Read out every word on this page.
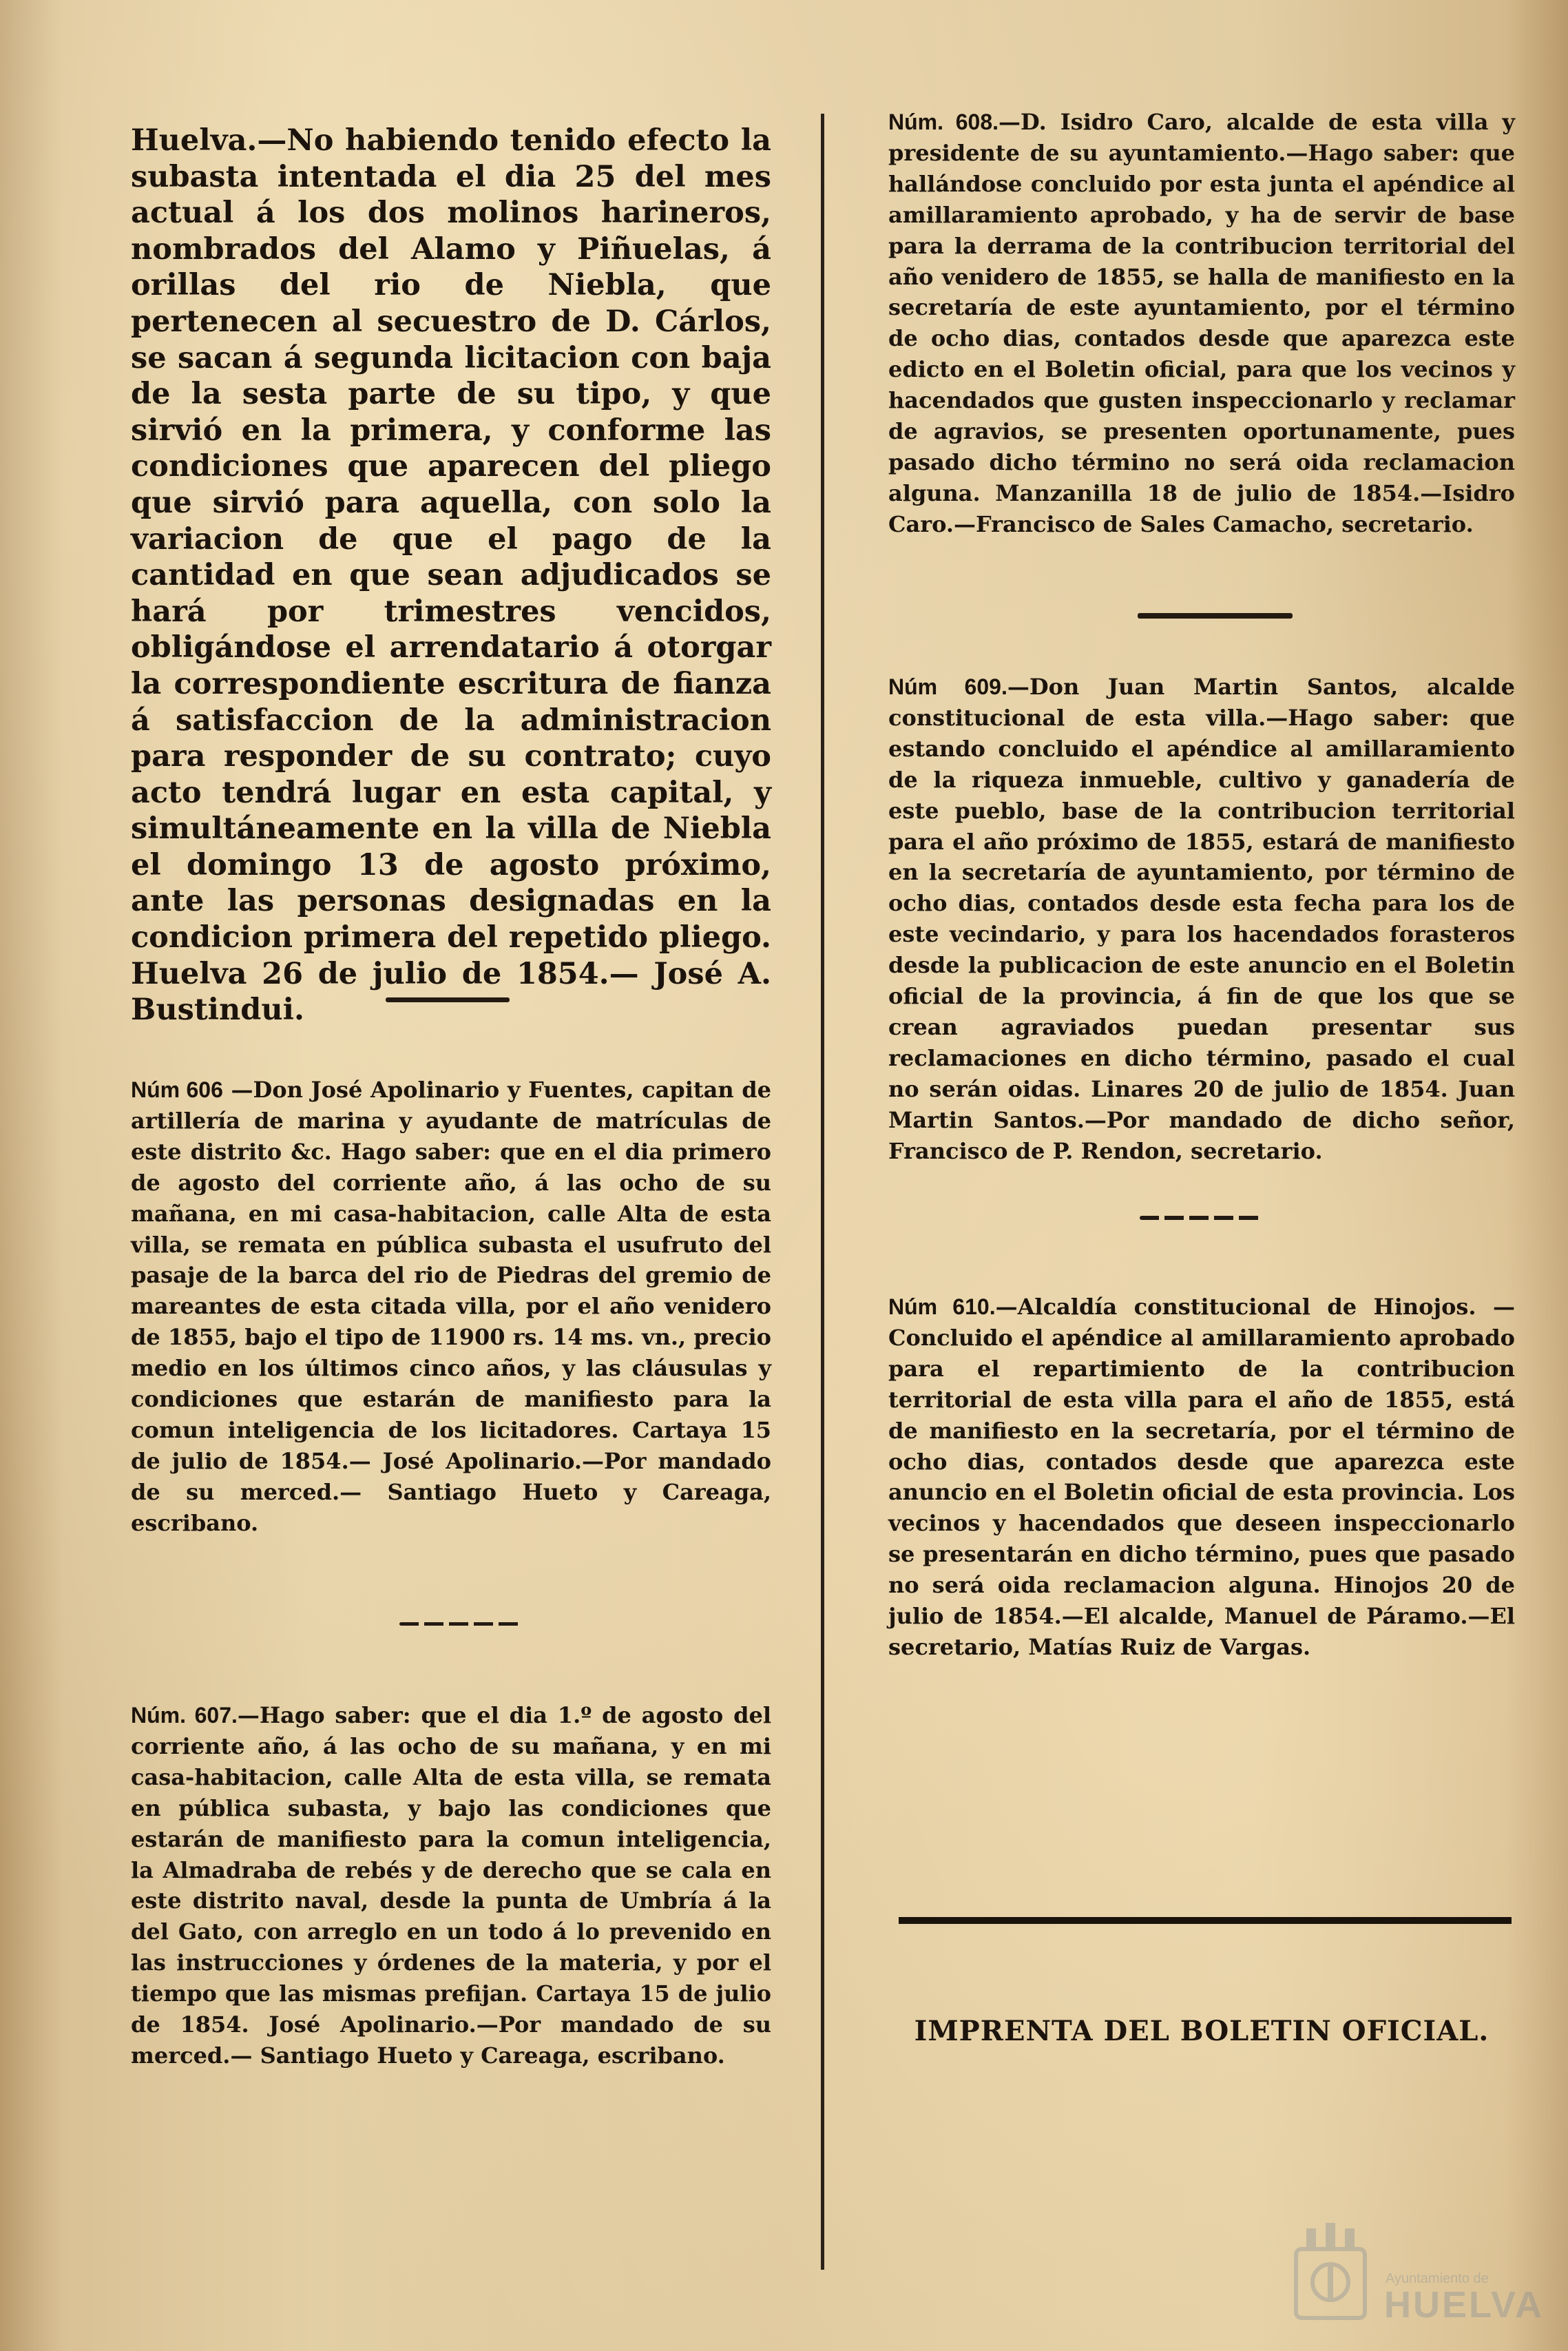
Huelva.—No habiendo tenido efecto la subasta intentada el dia 25 del mes actual á los dos molinos harineros, nombrados del Alamo y Piñuelas, á orillas del rio de Niebla, que pertenecen al secuestro de D. Cárlos, se sacan á segunda licitacion con baja de la sesta parte de su tipo, y que sirvió en la primera, y conforme las condiciones que aparecen del pliego que sirvió para aquella, con solo la variacion de que el pago de la cantidad en que sean adjudicados se hará por trimestres vencidos, obligándose el arrendatario á otorgar la correspondiente escritura de fianza á satisfaccion de la administracion para responder de su contrato; cuyo acto tendrá lugar en esta capital, y simultáneamente en la villa de Niebla el domingo 13 de agosto próximo, ante las personas designadas en la condicion primera del repetido pliego. Huelva 26 de julio de 1854.— José A. Bustindui.

Núm 606 —Don José Apolinario y Fuentes, capitan de artillería de marina y ayudante de matrículas de este distrito &c. Hago saber: que en el dia primero de agosto del corriente año, á las ocho de su mañana, en mi casa-habitacion, calle Alta de esta villa, se remata en pública subasta el usufruto del pasaje de la barca del rio de Piedras del gremio de mareantes de esta citada villa, por el año venidero de 1855, bajo el tipo de 11900 rs. 14 ms. vn., precio medio en los últimos cinco años, y las cláusulas y condiciones que estarán de manifiesto para la comun inteligencia de los licitadores. Cartaya 15 de julio de 1854.— José Apolinario.—Por mandado de su merced.— Santiago Hueto y Careaga, escribano.

Núm. 607.—Hago saber: que el dia 1.º de agosto del corriente año, á las ocho de su mañana, y en mi casa-habitacion, calle Alta de esta villa, se remata en pública subasta, y bajo las condiciones que estarán de manifiesto para la comun inteligencia, la Almadraba de rebés y de derecho que se cala en este distrito naval, desde la punta de Umbría á la del Gato, con arreglo en un todo á lo prevenido en las instrucciones y órdenes de la materia, y por el tiempo que las mismas prefijan. Cartaya 15 de julio de 1854. José Apolinario.—Por mandado de su merced.— Santiago Hueto y Careaga, escribano.

Núm. 608.—D. Isidro Caro, alcalde de esta villa y presidente de su ayuntamiento.—Hago saber: que hallándose concluido por esta junta el apéndice al amillaramiento aprobado, y ha de servir de base para la derrama de la contribucion territorial del año venidero de 1855, se halla de manifiesto en la secretaría de este ayuntamiento, por el término de ocho dias, contados desde que aparezca este edicto en el Boletin oficial, para que los vecinos y hacendados que gusten inspeccionarlo y reclamar de agravios, se presenten oportunamente, pues pasado dicho término no será oida reclamacion alguna. Manzanilla 18 de julio de 1854.—Isidro Caro.—Francisco de Sales Camacho, secretario.

Núm 609.—Don Juan Martin Santos, alcalde constitucional de esta villa.—Hago saber: que estando concluido el apéndice al amillaramiento de la riqueza inmueble, cultivo y ganadería de este pueblo, base de la contribucion territorial para el año próximo de 1855, estará de manifiesto en la secretaría de ayuntamiento, por término de ocho dias, contados desde esta fecha para los de este vecindario, y para los hacendados forasteros desde la publicacion de este anuncio en el Boletin oficial de la provincia, á fin de que los que se crean agraviados puedan presentar sus reclamaciones en dicho término, pasado el cual no serán oidas. Linares 20 de julio de 1854. Juan Martin Santos.—Por mandado de dicho señor, Francisco de P. Rendon, secretario.

Núm 610.—Alcaldía constitucional de Hinojos. —Concluido el apéndice al amillaramiento aprobado para el repartimiento de la contribucion territorial de esta villa para el año de 1855, está de manifiesto en la secretaría, por el término de ocho dias, contados desde que aparezca este anuncio en el Boletin oficial de esta provincia. Los vecinos y hacendados que deseen inspeccionarlo se presentarán en dicho término, pues que pasado no será oida reclamacion alguna. Hinojos 20 de julio de 1854.—El alcalde, Manuel de Páramo.—El secretario, Matías Ruiz de Vargas.

IMPRENTA DEL BOLETIN OFICIAL.
Ayuntamiento de
HUELVA
